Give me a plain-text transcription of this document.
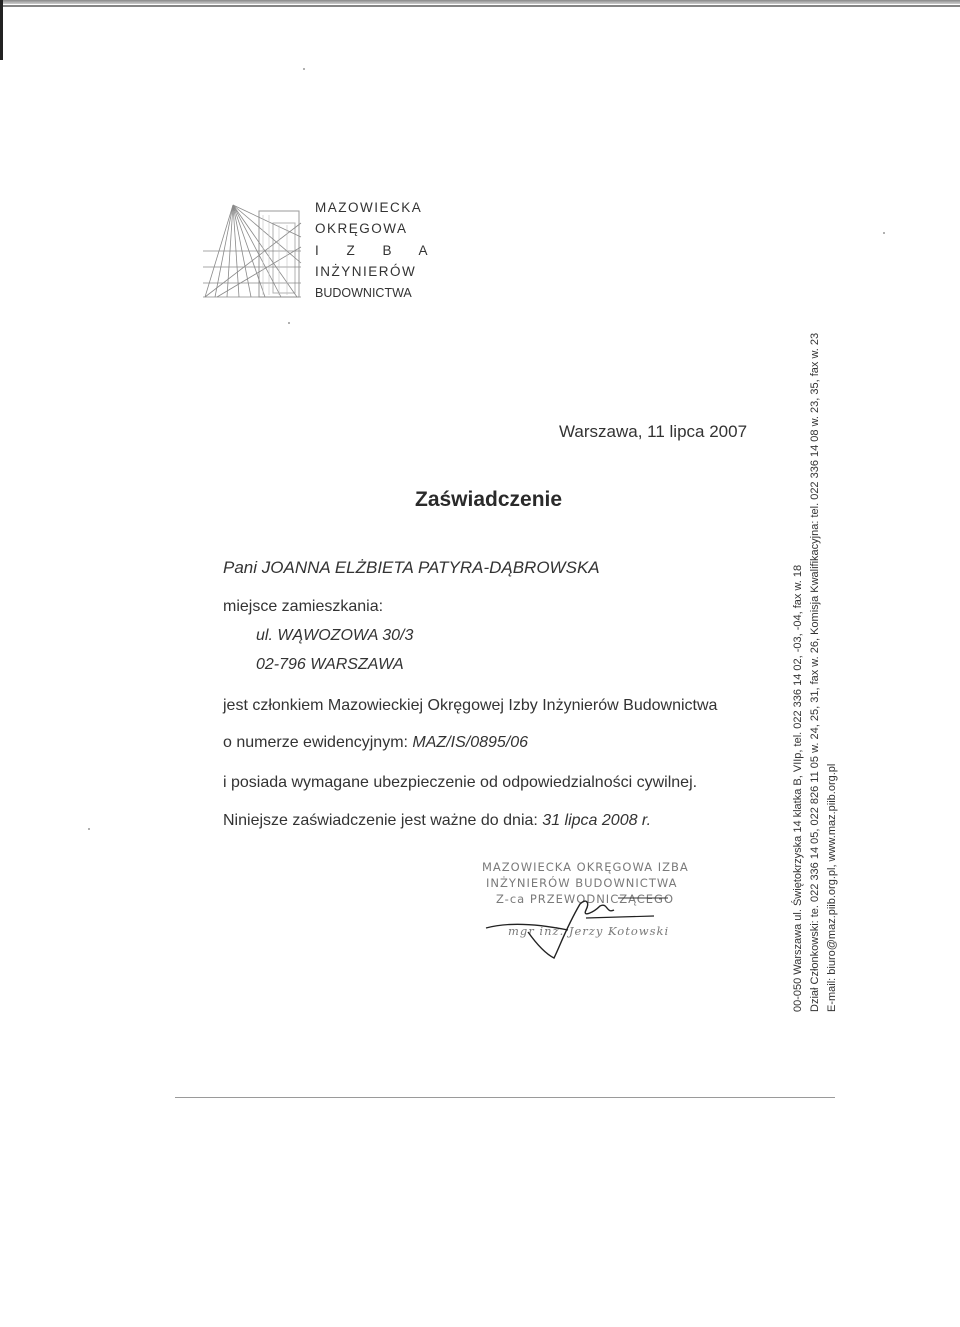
MAZOWIECKA
OKRĘGOWA
I Z B A
INŻYNIERÓW
BUDOWNICTWA
Warszawa, 11 lipca 2007
Zaświadczenie
Pani JOANNA ELŻBIETA PATYRA-DĄBROWSKA
miejsce zamieszkania:
ul. WĄWOZOWA 30/3
02-796 WARSZAWA
jest członkiem Mazowieckiej Okręgowej Izby Inżynierów Budownictwa
o numerze ewidencyjnym: MAZ/IS/0895/06
i posiada wymagane ubezpieczenie od odpowiedzialności cywilnej.
Niniejsze zaświadczenie jest ważne do dnia: 31 lipca 2008 r.
MAZOWIECKA OKRĘGOWA IZBA
INŻYNIERÓW BUDOWNICTWA
Z-ca PRZEWODNICZĄCEGO
mgr inż. Jerzy Kotowski	00-050 Warszawa ul. Świętokrzyska 14 klatka B, VIIp, tel. 022 336 14 02, -03, -04, fax w. 18 Dział Członkowski: te. 022 336 14 05, 022 826 11 05 w. 24, 25, 31, fax w. 26, Komisja Kwalifikacyjna: tel. 022 336 14 08 w. 23, 35, fax w. 23 E-mail: biuro@maz.piib.org.pl, www.maz.piib.org.pl
